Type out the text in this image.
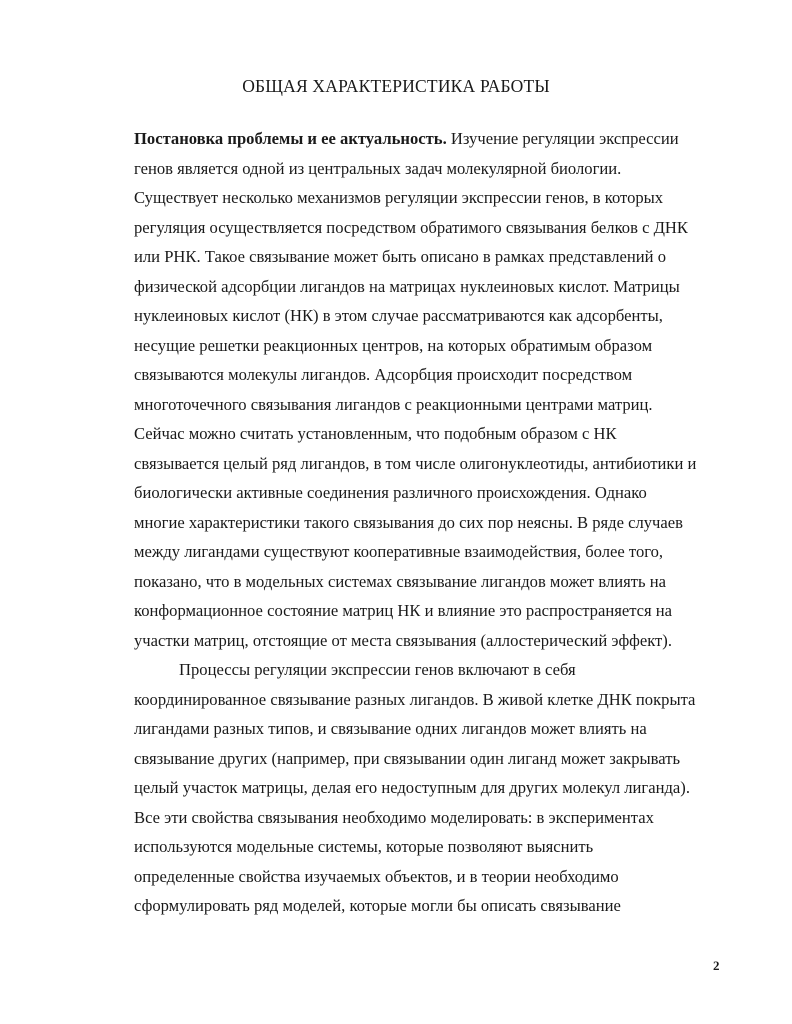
ОБЩАЯ ХАРАКТЕРИСТИКА РАБОТЫ
Постановка проблемы и ее актуальность. Изучение регуляции экспрессии
генов является одной из центральных задач молекулярной биологии.
Существует несколько механизмов регуляции экспрессии генов, в которых
регуляция осуществляется посредством обратимого связывания белков с ДНК
или РНК. Такое связывание может быть описано в рамках представлений о
физической адсорбции лигандов на матрицах нуклеиновых кислот. Матрицы
нуклеиновых кислот (НК) в этом случае рассматриваются как адсорбенты,
несущие решетки реакционных центров, на которых обратимым образом
связываются молекулы лигандов. Адсорбция происходит посредством
многоточечного связывания лигандов с реакционными центрами матриц.
Сейчас можно считать установленным, что подобным образом с НК
связывается целый ряд лигандов, в том числе олигонуклеотиды, антибиотики и
биологически активные соединения различного происхождения. Однако
многие характеристики такого связывания до сих пор неясны. В ряде случаев
между лигандами существуют кооперативные взаимодействия, более того,
показано, что в модельных системах связывание лигандов может влиять на
конформационное состояние матриц НК и влияние это распространяется на
участки матриц, отстоящие от места связывания (аллостерический эффект).
Процессы регуляции экспрессии генов включают в себя
координированное связывание разных лигандов. В живой клетке ДНК покрыта
лигандами разных типов, и связывание одних лигандов может влиять на
связывание других (например, при связывании один лиганд может закрывать
целый участок матрицы, делая его недоступным для других молекул лиганда).
Все эти свойства связывания необходимо моделировать: в экспериментах
используются модельные системы, которые позволяют выяснить
определенные свойства изучаемых объектов, и в теории необходимо
сформулировать ряд моделей, которые могли бы описать связывание
2
